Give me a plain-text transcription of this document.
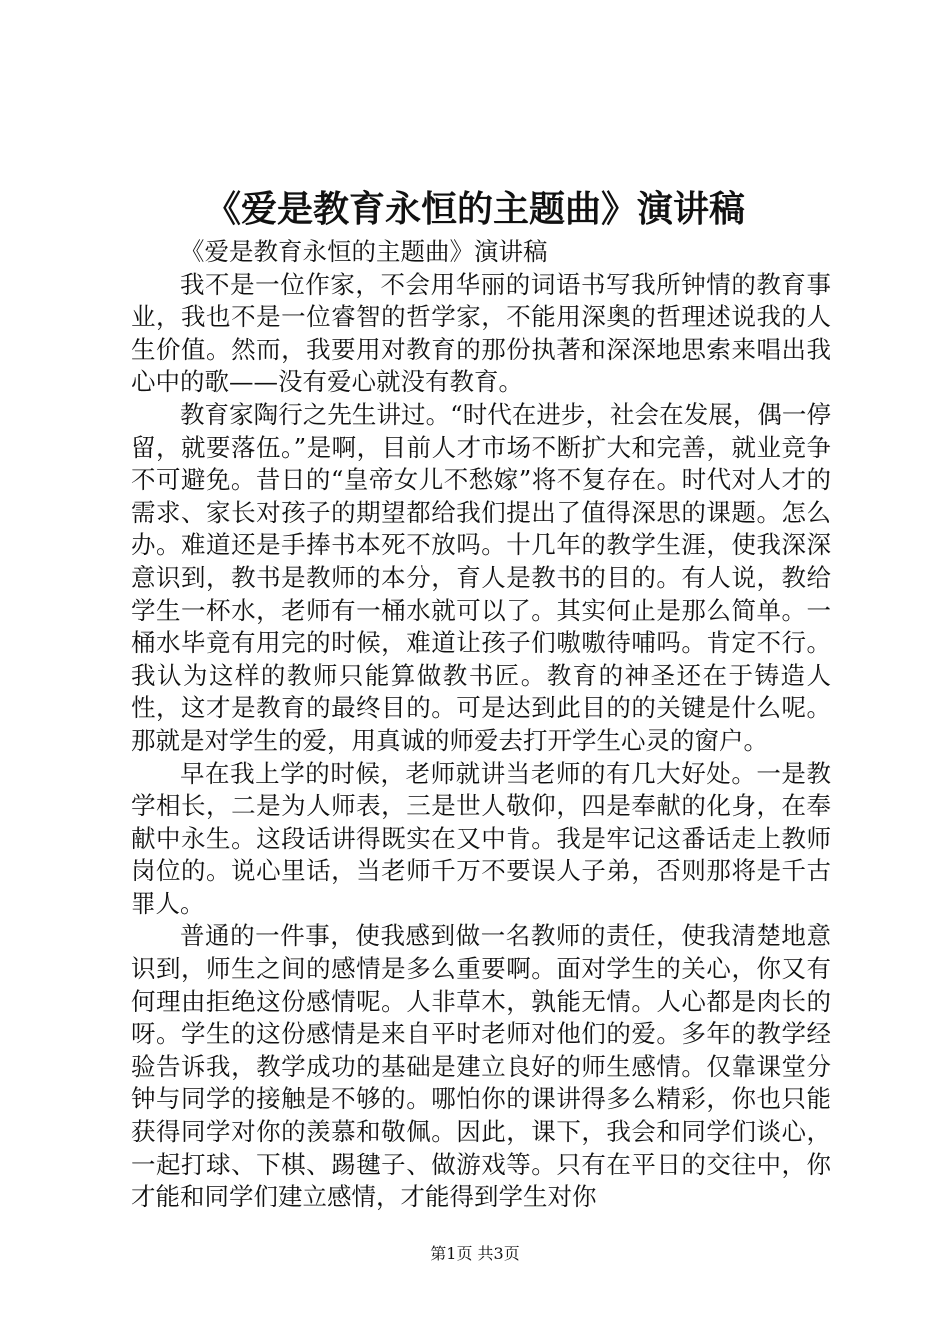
《爱是教育永恒的主题曲》演讲稿

《爱是教育永恒的主题曲》演讲稿

我不是一位作家，不会用华丽的词语书写我所钟情的教育事业，我也不是一位睿智的哲学家，不能用深奥的哲理述说我的人生价值。然而，我要用对教育的那份执著和深深地思索来唱出我心中的歌——没有爱心就没有教育。

教育家陶行之先生讲过。“时代在进步，社会在发展，偶一停留，就要落伍。”是啊，目前人才市场不断扩大和完善，就业竞争不可避免。昔日的“皇帝女儿不愁嫁”将不复存在。时代对人才的需求、家长对孩子的期望都给我们提出了值得深思的课题。怎么办。难道还是手捧书本死不放吗。十几年的教学生涯，使我深深意识到，教书是教师的本分，育人是教书的目的。有人说，教给学生一杯水，老师有一桶水就可以了。其实何止是那么简单。一桶水毕竟有用完的时候，难道让孩子们嗷嗷待哺吗。肯定不行。我认为这样的教师只能算做教书匠。教育的神圣还在于铸造人性，这才是教育的最终目的。可是达到此目的的关键是什么呢。那就是对学生的爱，用真诚的师爱去打开学生心灵的窗户。

早在我上学的时候，老师就讲当老师的有几大好处。一是教学相长，二是为人师表，三是世人敬仰，四是奉献的化身，在奉献中永生。这段话讲得既实在又中肯。我是牢记这番话走上教师岗位的。说心里话，当老师千万不要误人子弟，否则那将是千古罪人。

普通的一件事，使我感到做一名教师的责任，使我清楚地意识到，师生之间的感情是多么重要啊。面对学生的关心，你又有何理由拒绝这份感情呢。人非草木，孰能无情。人心都是肉长的呀。学生的这份感情是来自平时老师对他们的爱。多年的教学经验告诉我，教学成功的基础是建立良好的师生感情。仅靠课堂分钟与同学的接触是不够的。哪怕你的课讲得多么精彩，你也只能获得同学对你的羡慕和敬佩。因此，课下，我会和同学们谈心，一起打球、下棋、踢毽子、做游戏等。只有在平日的交往中，你才能和同学们建立感情，才能得到学生对你

第1页 共3页
